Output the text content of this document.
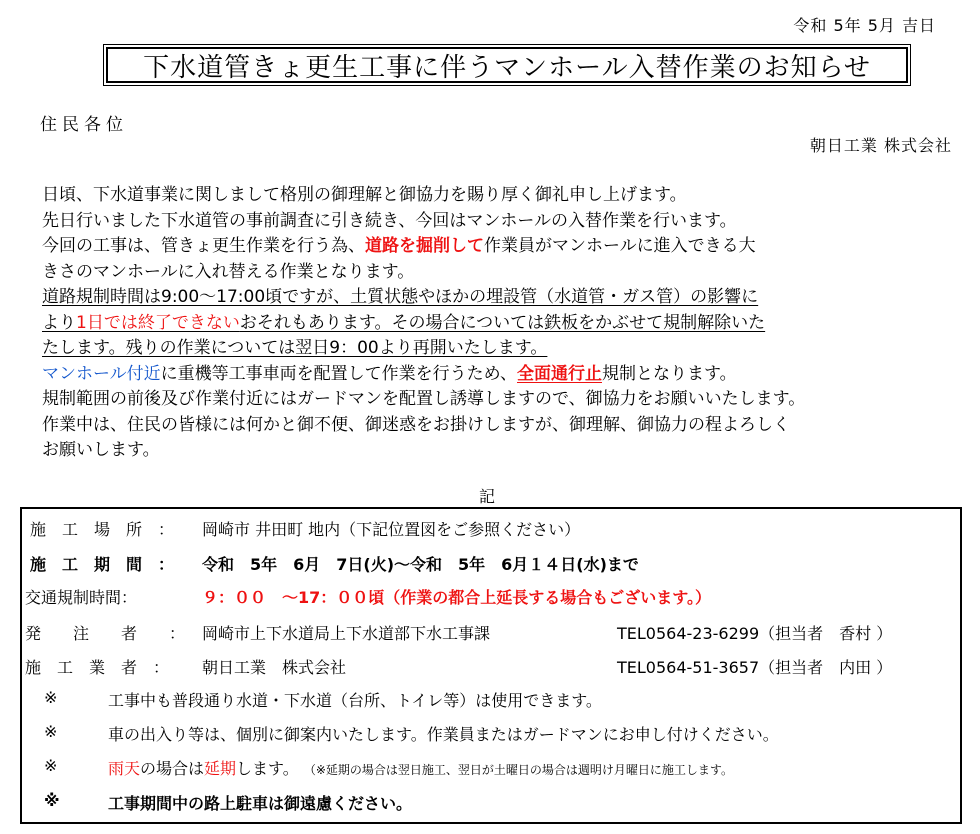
令和 5年 5月 吉日
下水道管きょ更生工事に伴うマンホール入替作業のお知らせ
住民各位
朝日工業 株式会社

日頃、下水道事業に関しまして格別の御理解と御協力を賜り厚く御礼申し上げます。

先日行いました下水道管の事前調査に引き続き、今回はマンホールの入替作業を行います。

今回の工事は、管きょ更生作業を行う為、道路を掘削して作業員がマンホールに進入できる大

きさのマンホールに入れ替える作業となります。

道路規制時間は9:00～17:00頃ですが、土質状態やほかの埋設管（水道管・ガス管）の影響に

より1日では終了できないおそれもあります。その場合については鉄板をかぶせて規制解除いた

たします。残りの作業については翌日9：00より再開いたします。

マンホール付近に重機等工事車両を配置して作業を行うため、全面通行止規制となります。

規制範囲の前後及び作業付近にはガードマンを配置し誘導しますので、御協力をお願いいたします。

作業中は、住民の皆様には何かと御不便、御迷惑をお掛けしますが、御理解、御協力の程よろしく

お願いします。

記
施　工　場　所　： 岡崎市 井田町 地内（下記位置図をご参照ください）
施　工　期　間　： 令和　5年　6月　7日(火)～令和　5年　6月１４日(水)まで
交通規制時間：	９：００　～17：００頃（作業の都合上延長する場合もございます。）
発　　注　　者　　： 岡崎市上下水道局上下水道部下水工事課	TEL0564-23-6299（担当者　香村 ）
施　工　業　者　： 朝日工業　株式会社	TEL0564-51-3657（担当者　内田 ）
※	工事中も普段通り水道・下水道（台所、トイレ等）は使用できます。
※	車の出入り等は、個別に御案内いたします。作業員またはガードマンにお申し付けください。
※	雨天の場合は延期します。 （※延期の場合は翌日施工、翌日が土曜日の場合は週明け月曜日に施工します。
※	工事期間中の路上駐車は御遠慮ください。
